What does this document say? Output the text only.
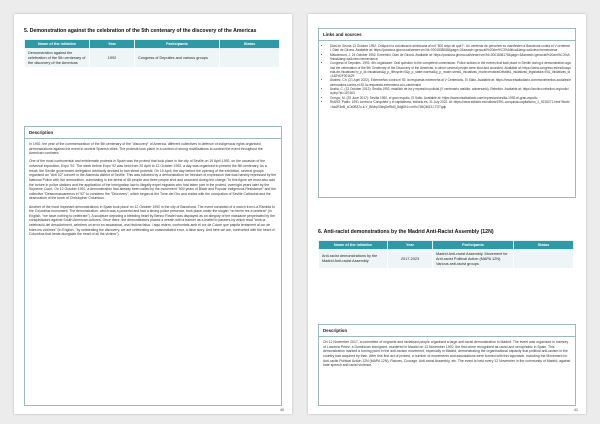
5. Demonstration against the celebration of the 5th centenary of the discovery of the Americas

Name of the initiative	Year	Participants	Status
Demonstration against the celebration of the 5th centenary of the discovery of the Americas	1992	Congress of Deputies and various groups	
Description

In 1992, the year of the commemoration of the 5th centenary of the "discovery" of America, different collectives in defence of indigenous rights organised demonstrations against the event in several Spanish cities. The protests took place in a context of strong mobilisations to contest the event throughout the American continent.

One of the most controversial and emblematic protests in Spain was the protest that took place in the city of Seville on 19 April 1992, on the occasion of the universal exposition, Expo '92. The week before Expo '92 was held from 20 April to 12 October 1992, a day was organised to present the 5th centenary. As a result, the Seville government delegation arbitrarily decided to ban street protests. On 19 April, the day before the opening of the exhibition, several groups organised an "Anti 92" concert in the Alameda district of Seville. This was followed by a demonstration for freedom of expression that was harshly repressed by the National Police with live ammunition, culminating in the arrest of 88 people and three people shot and wounded during the charge. To this figure we must also add the torture in police stations and the application of the Immigration law to illegally expel migrants who had taken part in the protest, overnight years later by the Supreme Court. On 12 October 1992, a demonstration had already been called by the movement "500 years of Black and Popular Indigenous Resistance" and the collective "Desenmascaremos el '92" to condemn the "Discovery", which began at the Torre del Oro and ended with the occupation of Seville Cathedral and the desecration of the tomb of Christopher Columbus.

Another of the most important demonstrations in Spain took place on 12 October 1992 in the city of Barcelona. The event consisted of a march from La Rambla to the Columbus monument. The demonstration, which was a powerful and had a strong police presence, took place under the slogan "no tenim res a celebrar" (in English, "we have nothing to celebrate"). A sculpture depicting a bleeding heart by Benno Rowleí was displayed as an allegory of the massacre perpetrated by the conquistadors against South American cultures. Once there, the demonstrators placed a wreath with a banner as a leaflet to passers-by which read "amb la celebració del descobriment, celebren un error en assassinat, una història falsa. I aquí estem, confrontats amb el cor de Colom que palpita lentament al cor de totes les víctimes" (in English, "by celebrating the discovery, we are celebrating an unassimilated error, a false story. And here we are, confronted with the heart of Columbus that beats alongside the heart of all the victims").

40
Links and sources
• Diari de Girona 13 October 1992: Critiquen la colonització americana al crit "500 anys de què?". Un centenar de persones es manifesten a Barcelona contra el V centenari, Diari de Girona. Available at: https://pandora.girona.cat/viewer.vm?id=0001838068&page=2&search=genocidi%20#m%C3%A9rica&lang=ca&view=hemeroteca
• Masdemunt, J. 24 October 1992: Extremini, Diari de Girona. Available at: https://pandora.girona.cat/viewer.vm?id=0001808175&page=5&search=genocidi%20am%C3%A9rica&lang=ca&view=hemeroteca
• Congress of Deputies. 1992. 4th Legislature. Oral question to the competent commission. Police actions in the events that took place in Seville during a demonstration against the celebration of the 5th Centenary of the Discovery of the Americas, in which several people were shot and wounded. Available at: https://www.congreso.es/es/busqueda-de-iniciativas?p_p_id=iniciativas&p_p_lifecycle=0&p_p_state=normal&p_p_mode=view&_iniciativas_mode=mostrarDetalle&_iniciativas_legislatura=IV&_iniciativas_id=182%2F001629
• Álvarez, Ch. (21 April 2022). Extremeños contra el 92: la respuesta extremeña al V Centenario. El Salto. Available at: https://www.elsaltodiario.com/movimientos-sociales/extremadura-contra-el-92-la-respuesta-extremena-al-v-centenario
• Urabá, C. (12 October 2012): Sevilla 1992, estallido de ira y represión policial (V centenario maldito: aniversario). Rebelión. Available at: https://archivo.rebelion.org/noticia.php?id=157463
• Crespo, M. (25 June 2017): Sevilla 1992, el gran espolio. El Salto. Available at: https://www.elsaltodiario.com/represion/sevilla-1992-el-gran-espolio
• RIAÑO, Pablo. 1991 contra la 'Conquista' y el capitalismo, eldiario.es, 31 July 2022. At: https://www.eldiario.es/cultura/1991-conquista-capitalismo_1_9218271.html?fbclid=IwAR3eB_sCe0B37x-k-Y_BiNhp33eqDeRk6i_8dgBXLn-mKn745QM33J-TGTgqk

6. Anti-racist demonstrations by the Madrid Anti-Racist Assembly (12N)

Name of the initiative	Year	Participants	Status
Anti-racist demonstrations by the Madrid Anti-racist Assembly	2017-2023	Madrid Anti-racist Assembly. Movement for Anti-racist Political Action (MAPA 12N). Various anti-racist groups	
Description

On 12 November 2017, a committee of migrants and racialised people organised a large anti-racist demonstration in Madrid. The event was organised in memory of Lucrecia Pérez, a Dominican immigrant, murdered in Madrid on 13 November 1992, the first crime recognised as racist and xenophobic in Spain. This demonstration marked a turning point in the anti-racism movement, especially in Madrid, demonstrating the organisational capacity that political anti-racism in the country had acquired by then. After this first act of protest, a number of movements and associations were formed with this approach, including the Movement for Anti-racist Political Action 12N (MAPA 12N), Racoes, Coorage, Anti-racist Assembly, etc. The event is held every 12 November in the community of Madrid, against hate speech and racist violence.

41
